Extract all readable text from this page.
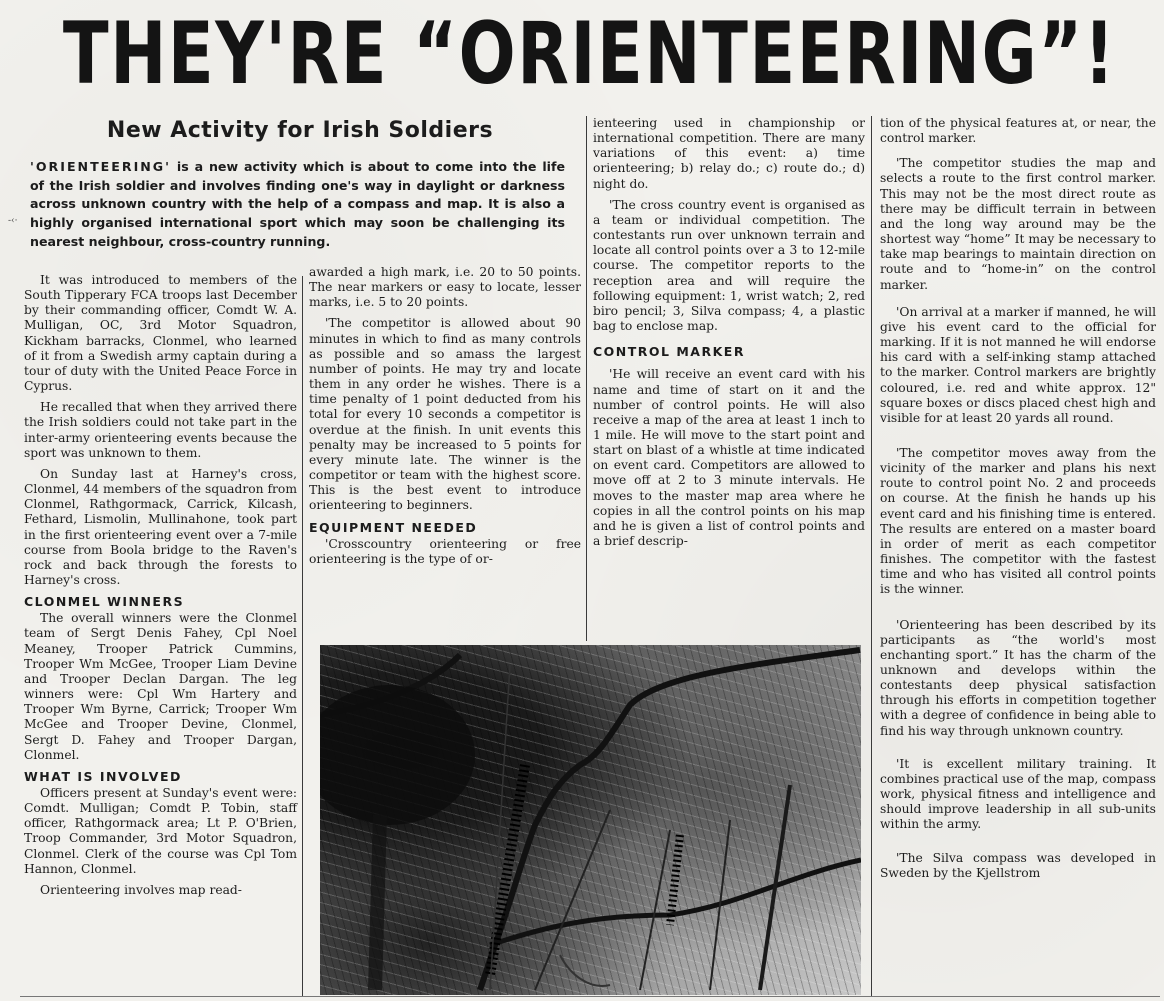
THEY'RE “ORIENTEERING”!
New Activity for Irish Soldiers
-‹·
'ORIENTEERING' is a new activity which is about to come into the life of the Irish soldier and involves finding one's way in daylight or darkness across unknown country with the help of a compass and map. It is also a highly organised international sport which may soon be challenging its nearest neighbour, cross-country running.

It was introduced to members of the South Tipperary FCA troops last December by their commanding officer, Comdt W. A. Mulligan, OC, 3rd Motor Squadron, Kickham barracks, Clonmel, who learned of it from a Swedish army captain during a tour of duty with the United Peace Force in Cyprus.

He recalled that when they arrived there the Irish soldiers could not take part in the inter-army orienteering events because the sport was unknown to them.

On Sunday last at Harney's cross, Clonmel, 44 members of the squadron from Clonmel, Rathgormack, Carrick, Kilcash, Fethard, Lismolin, Mullinahone, took part in the first orienteering event over a 7-mile course from Boola bridge to the Raven's rock and back through the forests to Harney's cross.

CLONMEL WINNERS

The overall winners were the Clonmel team of Sergt Denis Fahey, Cpl Noel Meaney, Trooper Patrick Cummins, Trooper Wm McGee, Trooper Liam Devine and Trooper Declan Dargan. The leg winners were: Cpl Wm Hartery and Trooper Wm Byrne, Carrick; Trooper Wm McGee and Trooper Devine, Clonmel, Sergt D. Fahey and Trooper Dargan, Clonmel.

WHAT IS INVOLVED

Officers present at Sunday's event were: Comdt. Mulligan; Comdt P. Tobin, staff officer, Rathgormack area; Lt P. O'Brien, Troop Commander, 3rd Motor Squadron, Clonmel. Clerk of the course was Cpl Tom Hannon, Clonmel.

Orienteering involves map read-

awarded a high mark, i.e. 20 to 50 points. The near markers or easy to locate, lesser marks, i.e. 5 to 20 points.

'The competitor is allowed about 90 minutes in which to find as many controls as possible and so amass the largest number of points. He may try and locate them in any order he wishes. There is a time penalty of 1 point deducted from his total for every 10 seconds a competitor is overdue at the finish. In unit events this penalty may be increased to 5 points for every minute late. The winner is the competitor or team with the highest score. This is the best event to introduce orienteering to beginners.

EQUIPMENT NEEDED

'Crosscountry orienteering or free orienteering is the type of or-

ienteering used in championship or international competition. There are many variations of this event: a) time orienteering; b) relay do.; c) route do.; d) night do.

'The cross country event is organised as a team or individual competition. The contestants run over unknown terrain and locate all control points over a 3 to 12-mile course. The competitor reports to the reception area and will require the following equipment: 1, wrist watch; 2, red biro pencil; 3, Silva compass; 4, a plastic bag to enclose map.

CONTROL MARKER

'He will receive an event card with his name and time of start on it and the number of control points. He will also receive a map of the area at least 1 inch to 1 mile. He will move to the start point and start on blast of a whistle at time indicated on event card. Competitors are allowed to move off at 2 to 3 minute intervals. He moves to the master map area where he copies in all the control points on his map and he is given a list of control points and a brief descrip-

tion of the physical features at, or near, the control marker.

'The competitor studies the map and selects a route to the first control marker. This may not be the most direct route as there may be difficult terrain in between and the long way around may be the shortest way “home” It may be necessary to take map bearings to maintain direction on route and to “home-in” on the control marker.

'On arrival at a marker if manned, he will give his event card to the official for marking. If it is not manned he will endorse his card with a self-inking stamp attached to the marker. Control markers are brightly coloured, i.e. red and white approx. 12" square boxes or discs placed chest high and visible for at least 20 yards all round.

'The competitor moves away from the vicinity of the marker and plans his next route to control point No. 2 and proceeds on course. At the finish he hands up his event card and his finishing time is entered. The results are entered on a master board in order of merit as each competitor finishes. The competitor with the fastest time and who has visited all control points is the winner.

'Orienteering has been described by its participants as “the world's most enchanting sport.” It has the charm of the unknown and develops within the contestants deep physical satisfaction through his efforts in competition together with a degree of confidence in being able to find his way through unknown country.

'It is excellent military training. It combines practical use of the map, compass work, physical fitness and intelligence and should improve leadership in all sub-units within the army.

'The Silva compass was developed in Sweden by the Kjellstrom
